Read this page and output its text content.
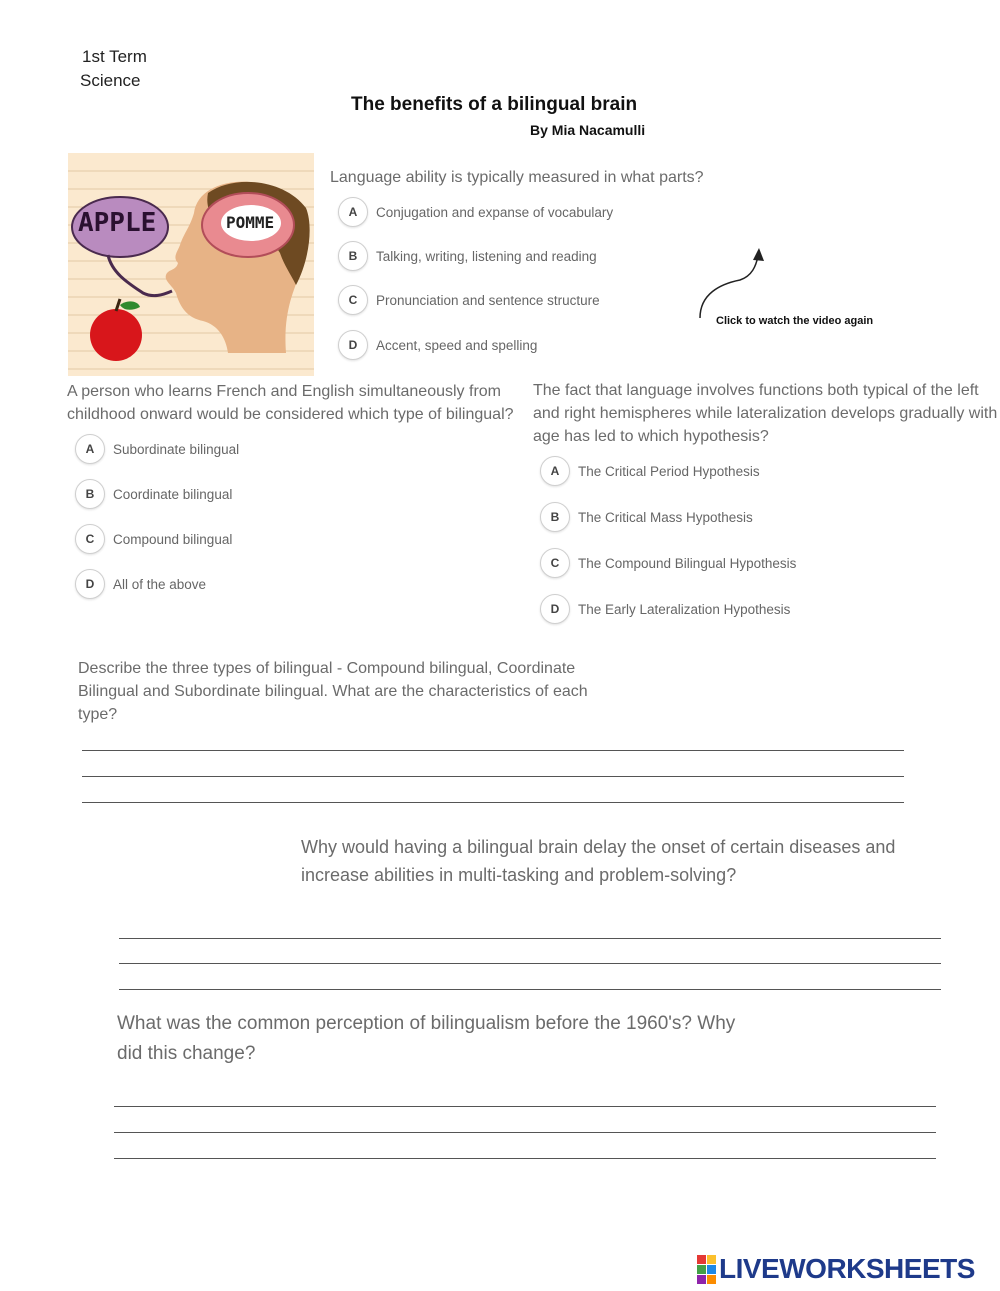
1st Term
Science
The benefits of a bilingual brain
By Mia Nacamulli
APPLE	POMME
Language ability is typically measured in what parts?
A	Conjugation and expanse of vocabulary
B	Talking, writing, listening and reading
C	Pronunciation and sentence structure
D	Accent, speed and spelling
Click to watch the video again
A person who learns French and English simultaneously from
childhood onward would be considered which type of bilingual?
A	Subordinate bilingual
B	Coordinate bilingual
C	Compound bilingual
D	All of the above
The fact that language involves functions both typical of the left
and right hemispheres while lateralization develops gradually with
age has led to which hypothesis?
A	The Critical Period Hypothesis
B	The Critical Mass Hypothesis
C	The Compound Bilingual Hypothesis
D	The Early Lateralization Hypothesis
Describe the three types of bilingual - Compound bilingual, Coordinate
Bilingual and Subordinate bilingual. What are the characteristics of each
type?
Why would having a bilingual brain delay the onset of certain diseases and
increase abilities in multi-tasking and problem-solving?
What was the common perception of bilingualism before the 1960's? Why
did this change?
LIVEWORKSHEETS
